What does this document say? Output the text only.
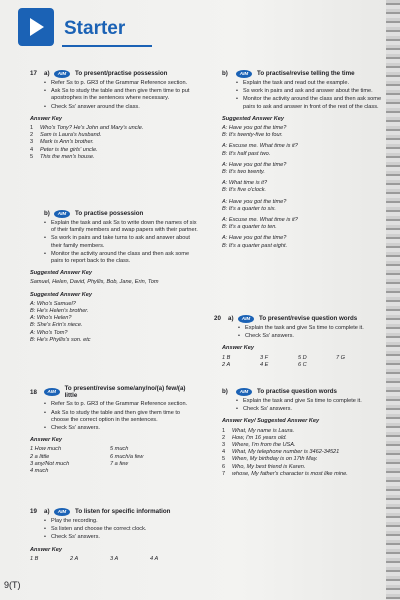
Starter
17	a)	AIM	To present/practise possession
• Refer Ss to p. GR3 of the Grammar Reference section.
• Ask Ss to study the table and then give them time to put apostrophes in the sentences where necessary.
• Check Ss' answer around the class.
Answer Key
1	Who's Tony? He's John and Mary's uncle.
2	Sam is Laura's husband.
3	Mark is Ann's brother.
4	Peter is the girls' uncle.
5	This the men's house.
b)	AIM	To practise possession
• Explain the task and ask Ss to write down the names of six of their family members and swap papers with their partner.
• Ss work in pairs and take turns to ask and answer about their family members.
• Monitor the activity around the class and then ask some pairs to report back to the class.
Suggested Answer Key
Samuel, Helen, David, Phyllis, Bob, Jane, Erin, Tom
Suggested Answer Key
A: Who's Samuel?
B: He's Helen's brother.
A: Who's Helen?
B: She's Erin's niece.
A: Who's Tom?
B: He's Phyllis's son. etc
18	AIM	To present/revise some/any/no/(a) few/(a) little
• Refer Ss to p. GR3 of the Grammar Reference section.
• Ask Ss to study the table and then give them time to choose the correct option in the sentences.
• Check Ss' answers.
Answer Key
1 How much	5 much
2 a little	6 much/a few
3 any/Not much	7 a few
4 much
19	a)	AIM	To listen for specific information
• Play the recording.
• Ss listen and choose the correct clock.
• Check Ss' answers.
Answer Key
1 B	2 A	3 A	4 A
b)	AIM	To practise/revise telling the time
• Explain the task and read out the example.
• Ss work in pairs and ask and answer about the time.
• Monitor the activity around the class and then ask some pairs to ask and answer in front of the rest of the class.
Suggested Answer Key
A: Have you got the time?
B: It's twenty-five to four.
A: Excuse me. What time is it?
B: It's half past two.
A: Have you got the time?
B: It's two twenty.
A: What time is it?
B: It's five o'clock.
A: Have you got the time?
B: It's a quarter to six.
A: Excuse me. What time is it?
B: It's a quarter to ten.
A: Have you got the time?
B: It's a quarter past eight.
20	a)	AIM	To present/revise question words
• Explain the task and give Ss time to complete it.
• Check Ss' answers.
Answer Key
1 B	3 F	5 D	7 G
2 A	4 E	6 C
b)	AIM	To practise question words
• Explain the task and give Ss time to complete it.
• Check Ss' answers.
Answer Key/ Suggested Answer Key
1	What, My name is Laura.
2	How, I'm 16 years old.
3	Where, I'm from the USA.
4	What, My telephone number is 3462-34521
5	When, My birthday is on 17th May.
6	Who, My best friend is Karen.
7	whose, My father's character is most like mine.
9(T)
